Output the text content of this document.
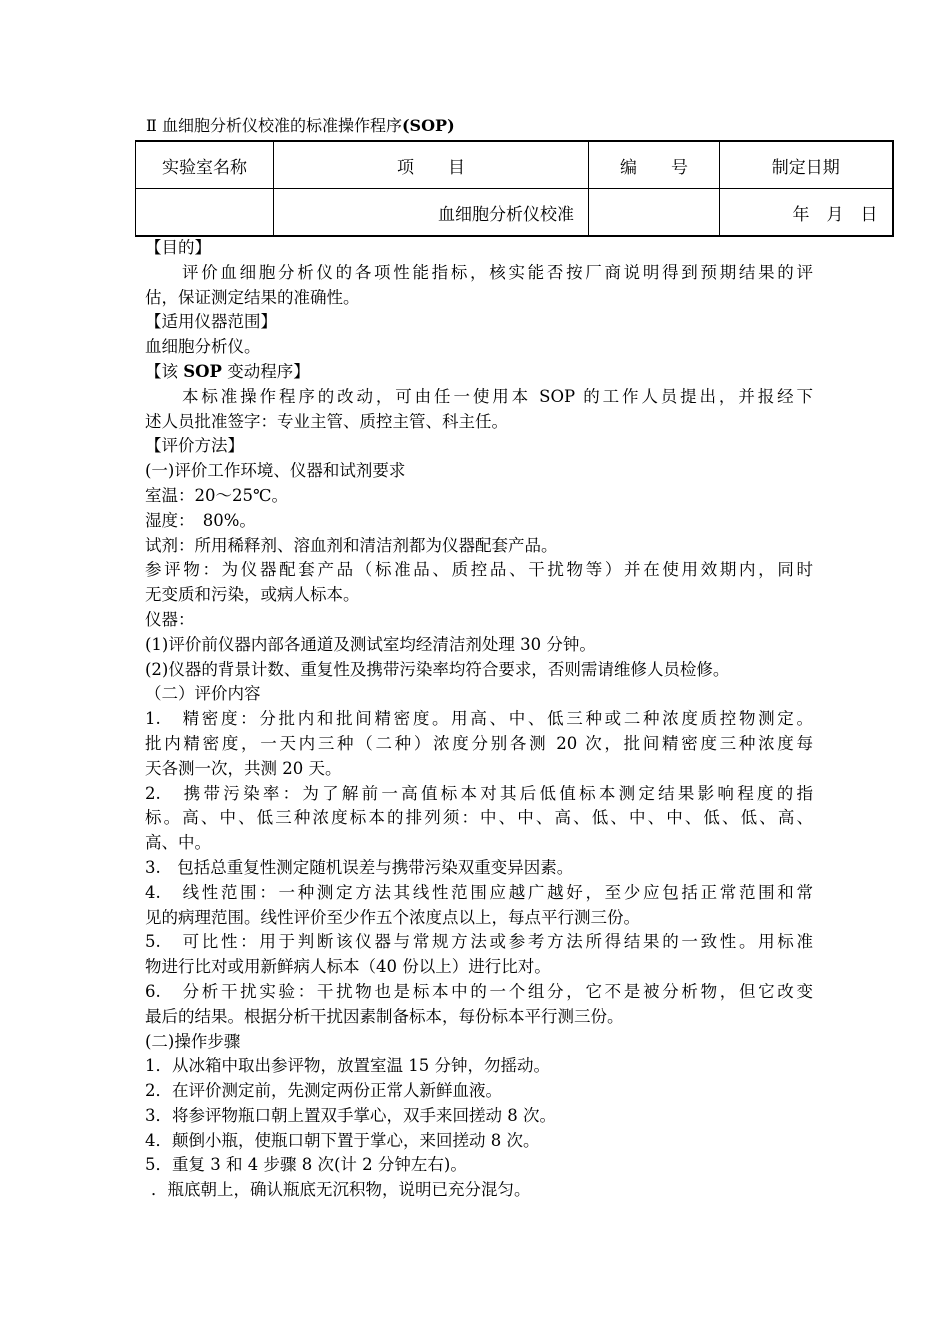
Ⅱ 血细胞分析仪校准的标准操作程序(SOP)
实验室名称	项　　目	编　　号	制定日期
	血细胞分析仪校准		年　月　日
【目的】
评价血细胞分析仪的各项性能指标，核实能否按厂商说明得到预期结果的评
估，保证测定结果的准确性。
【适用仪器范围】
血细胞分析仪。
【该 SOP 变动程序】
本标准操作程序的改动，可由任一使用本 SOP 的工作人员提出，并报经下
述人员批准签字：专业主管、质控主管、科主任。
【评价方法】
(一)评价工作环境、仪器和试剂要求
室温：20～25℃。
湿度：　80%。
试剂：所用稀释剂、溶血剂和清洁剂都为仪器配套产品。
参评物：为仪器配套产品（标准品、质控品、干扰物等）并在使用效期内，同时
无变质和污染，或病人标本。
仪器：
(1)评价前仪器内部各通道及测试室均经清洁剂处理 30 分钟。
(2)仪器的背景计数、重复性及携带污染率均符合要求，否则需请维修人员检修。
（二）评价内容
1.　精密度：分批内和批间精密度。用高、中、低三种或二种浓度质控物测定。
批内精密度，一天内三种（二种）浓度分别各测 20 次，批间精密度三种浓度每
天各测一次，共测 20 天。
2.　携带污染率：为了解前一高值标本对其后低值标本测定结果影响程度的指
标。高、中、低三种浓度标本的排列须：中、中、高、低、中、中、低、低、高、
高、中。
3.　包括总重复性测定随机误差与携带污染双重变异因素。
4.　线性范围：一种测定方法其线性范围应越广越好，至少应包括正常范围和常
见的病理范围。线性评价至少作五个浓度点以上，每点平行测三份。
5.　可比性：用于判断该仪器与常规方法或参考方法所得结果的一致性。用标准
物进行比对或用新鲜病人标本（40 份以上）进行比对。
6.　分析干扰实验：干扰物也是标本中的一个组分，它不是被分析物，但它改变
最后的结果。根据分析干扰因素制备标本，每份标本平行测三份。
(二)操作步骤
1．从冰箱中取出参评物，放置室温 15 分钟，勿摇动。
2．在评价测定前，先测定两份正常人新鲜血液。
3．将参评物瓶口朝上置双手掌心，双手来回搓动 8 次。
4．颠倒小瓶，使瓶口朝下置于掌心，来回搓动 8 次。
5．重复 3 和 4 步骤 8 次(计 2 分钟左右)。
．瓶底朝上，确认瓶底无沉积物，说明已充分混匀。
